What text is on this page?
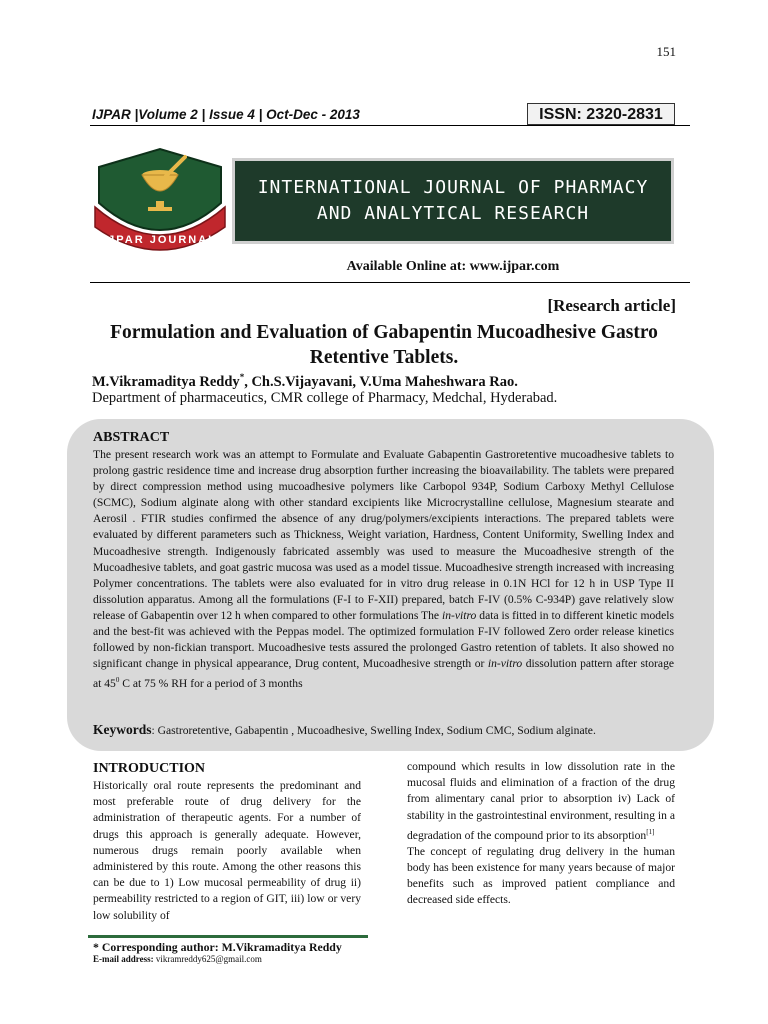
151
IJPAR |Volume 2 | Issue 4 | Oct-Dec - 2013	ISSN: 2320-2831
IJPAR JOURNAL
INTERNATIONAL JOURNAL OF PHARMACY
AND ANALYTICAL RESEARCH
Available Online at: www.ijpar.com
[Research article]
Formulation and Evaluation of Gabapentin Mucoadhesive Gastro Retentive Tablets.
M.Vikramaditya Reddy*, Ch.S.Vijayavani, V.Uma Maheshwara Rao.
Department of pharmaceutics, CMR college of Pharmacy, Medchal, Hyderabad.
ABSTRACT
The present research work was an attempt to Formulate and Evaluate Gabapentin Gastroretentive mucoadhesive tablets to prolong gastric residence time and increase drug absorption further increasing the bioavailability. The tablets were prepared by direct compression method using mucoadhesive polymers like Carbopol 934P, Sodium Carboxy Methyl Cellulose (SCMC), Sodium alginate along with other standard excipients like Microcrystalline cellulose, Magnesium stearate and Aerosil . FTIR studies confirmed the absence of any drug/polymers/excipients interactions. The prepared tablets were evaluated by different parameters such as Thickness, Weight variation, Hardness, Content Uniformity, Swelling Index and Mucoadhesive strength. Indigenously fabricated assembly was used to measure the Mucoadhesive strength of the Mucoadhesive tablets, and goat gastric mucosa was used as a model tissue. Mucoadhesive strength increased with increasing Polymer concentrations. The tablets were also evaluated for in vitro drug release in 0.1N HCl for 12 h in USP Type II dissolution apparatus. Among all the formulations (F-I to F-XII) prepared, batch F-IV (0.5% C-934P) gave relatively slow release of Gabapentin over 12 h when compared to other formulations The in-vitro data is fitted in to different kinetic models and the best-fit was achieved with the Peppas model. The optimized formulation F-IV followed Zero order release kinetics followed by non-fickian transport. Mucoadhesive tests assured the prolonged Gastro retention of tablets. It also showed no significant change in physical appearance, Drug content, Mucoadhesive strength or in-vitro dissolution pattern after storage at $45^0$ C at 75 % RH for a period of 3 months
Keywords: Gastroretentive, Gabapentin , Mucoadhesive, Swelling Index, Sodium CMC, Sodium alginate.
INTRODUCTION

Historically oral route represents the predominant and most preferable route of drug delivery for the administration of therapeutic agents. For a number of drugs this approach is generally adequate. However, numerous drugs remain poorly available when administered by this route. Among the other reasons this can be due to 1) Low mucosal permeability of drug ii) permeability restricted to a region of GIT, iii) low or very low solubility of

compound which results in low dissolution rate in the mucosal fluids and elimination of a fraction of the drug from alimentary canal prior to absorption iv) Lack of stability in the gastrointestinal environment, resulting in a degradation of the compound prior to its absorption[1]

The concept of regulating drug delivery in the human body has been existence for many years because of major benefits such as improved patient compliance and decreased side effects.

* Corresponding author: M.Vikramaditya Reddy
E-mail address: vikramreddy625@gmail.com
